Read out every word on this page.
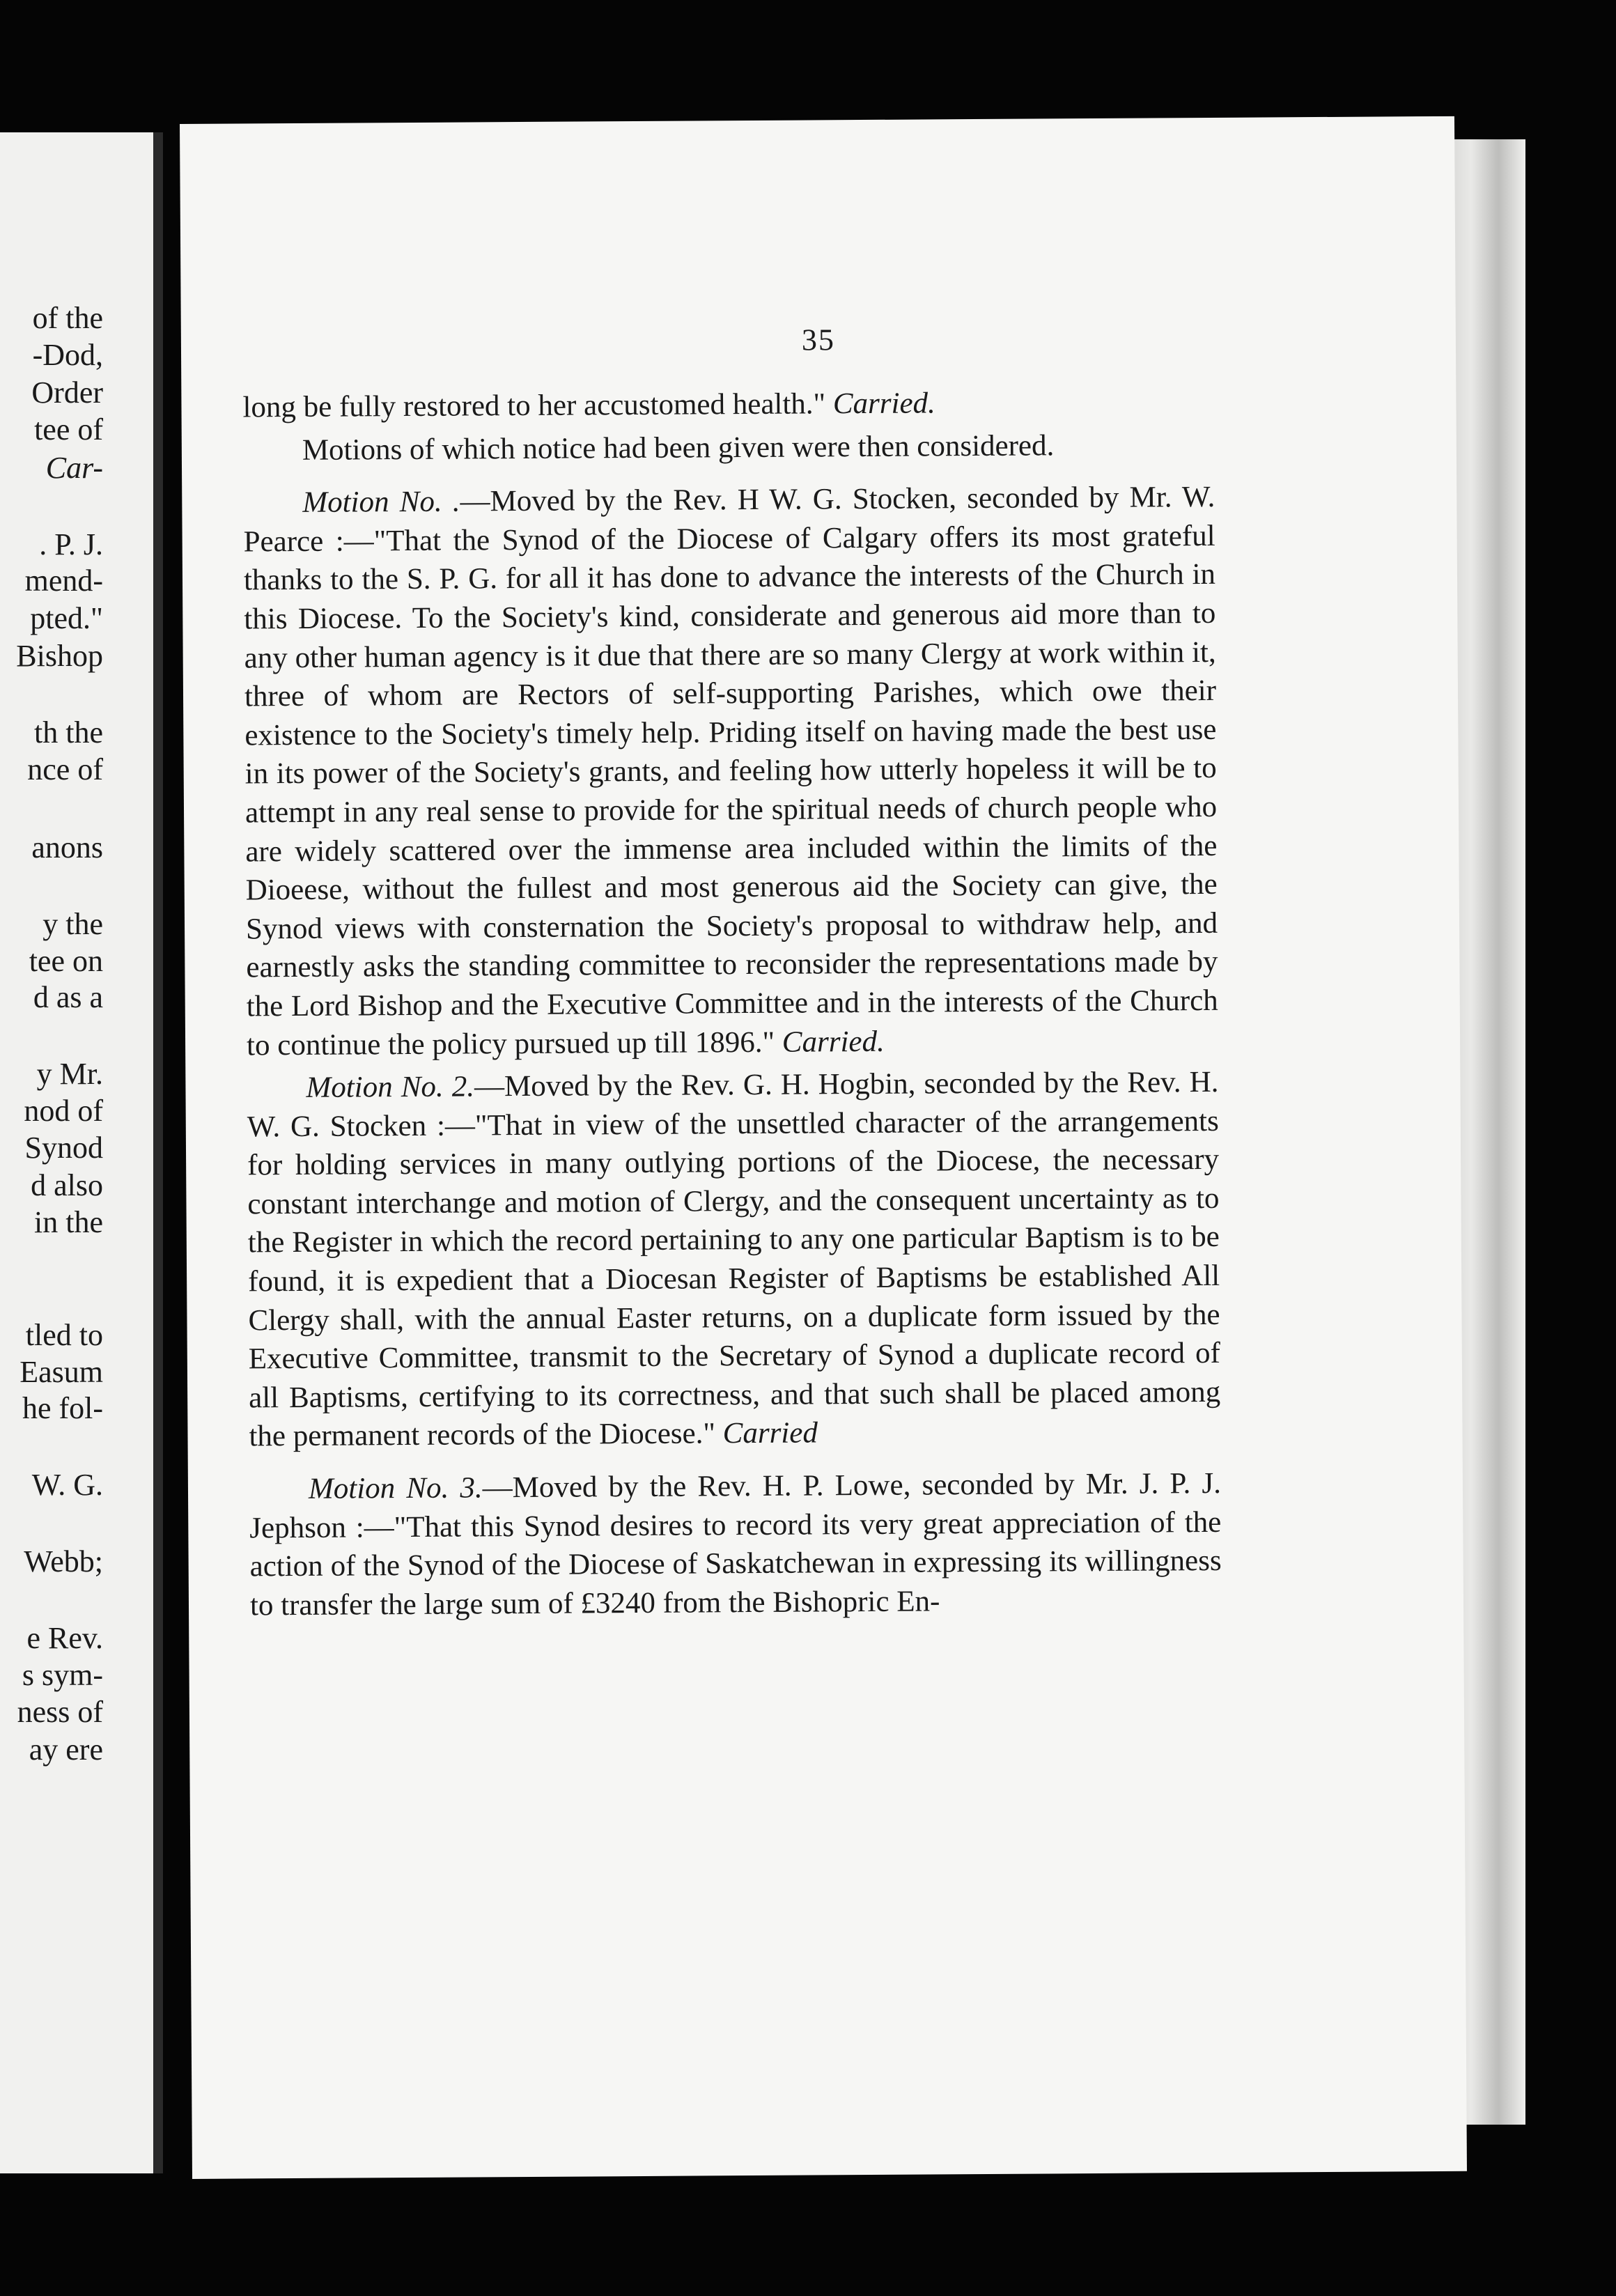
of the
-Dod,
Order
tee of
Car-
. P. J.
mend-
pted."
Bishop
th the
nce of
anons
y the
tee on
d as a
y Mr.
nod of
Synod
d also
in the
tled to
Easum
he fol-
W. G.
Webb;
e Rev.
s sym-
ness of
ay ere
35

long be fully restored to her accustomed health." Carried.

Motions of which notice had been given were then considered.

Motion No. .—Moved by the Rev. H W. G. Stocken, seconded by Mr. W. Pearce :—"That the Synod of the Diocese of Calgary offers its most grateful thanks to the S. P. G. for all it has done to advance the interests of the Church in this Diocese. To the Society's kind, considerate and generous aid more than to any other human agency is it due that there are so many Clergy at work within it, three of whom are Rectors of self-supporting Parishes, which owe their existence to the Society's timely help. Priding itself on having made the best use in its power of the Society's grants, and feeling how utterly hopeless it will be to attempt in any real sense to provide for the spiritual needs of church people who are widely scattered over the immense area included within the limits of the Dioeese, without the fullest and most generous aid the Society can give, the Synod views with consternation the Society's proposal to withdraw help, and earnestly asks the standing committee to reconsider the representations made by the Lord Bishop and the Executive Committee and in the interests of the Church to continue the policy pursued up till 1896." Carried.

Motion No. 2.—Moved by the Rev. G. H. Hogbin, seconded by the Rev. H. W. G. Stocken :—"That in view of the unsettled character of the arrangements for holding services in many outlying portions of the Diocese, the necessary constant interchange and motion of Clergy, and the consequent uncertainty as to the Register in which the record pertaining to any one particular Baptism is to be found, it is expedient that a Diocesan Register of Baptisms be established All Clergy shall, with the annual Easter returns, on a duplicate form issued by the Executive Committee, transmit to the Secretary of Synod a duplicate record of all Baptisms, certifying to its correctness, and that such shall be placed among the permanent records of the Diocese." Carried

Motion No. 3.—Moved by the Rev. H. P. Lowe, seconded by Mr. J. P. J. Jephson :—"That this Synod desires to record its very great appreciation of the action of the Synod of the Diocese of Saskatchewan in expressing its willingness to transfer the large sum of £3240 from the Bishopric En-
